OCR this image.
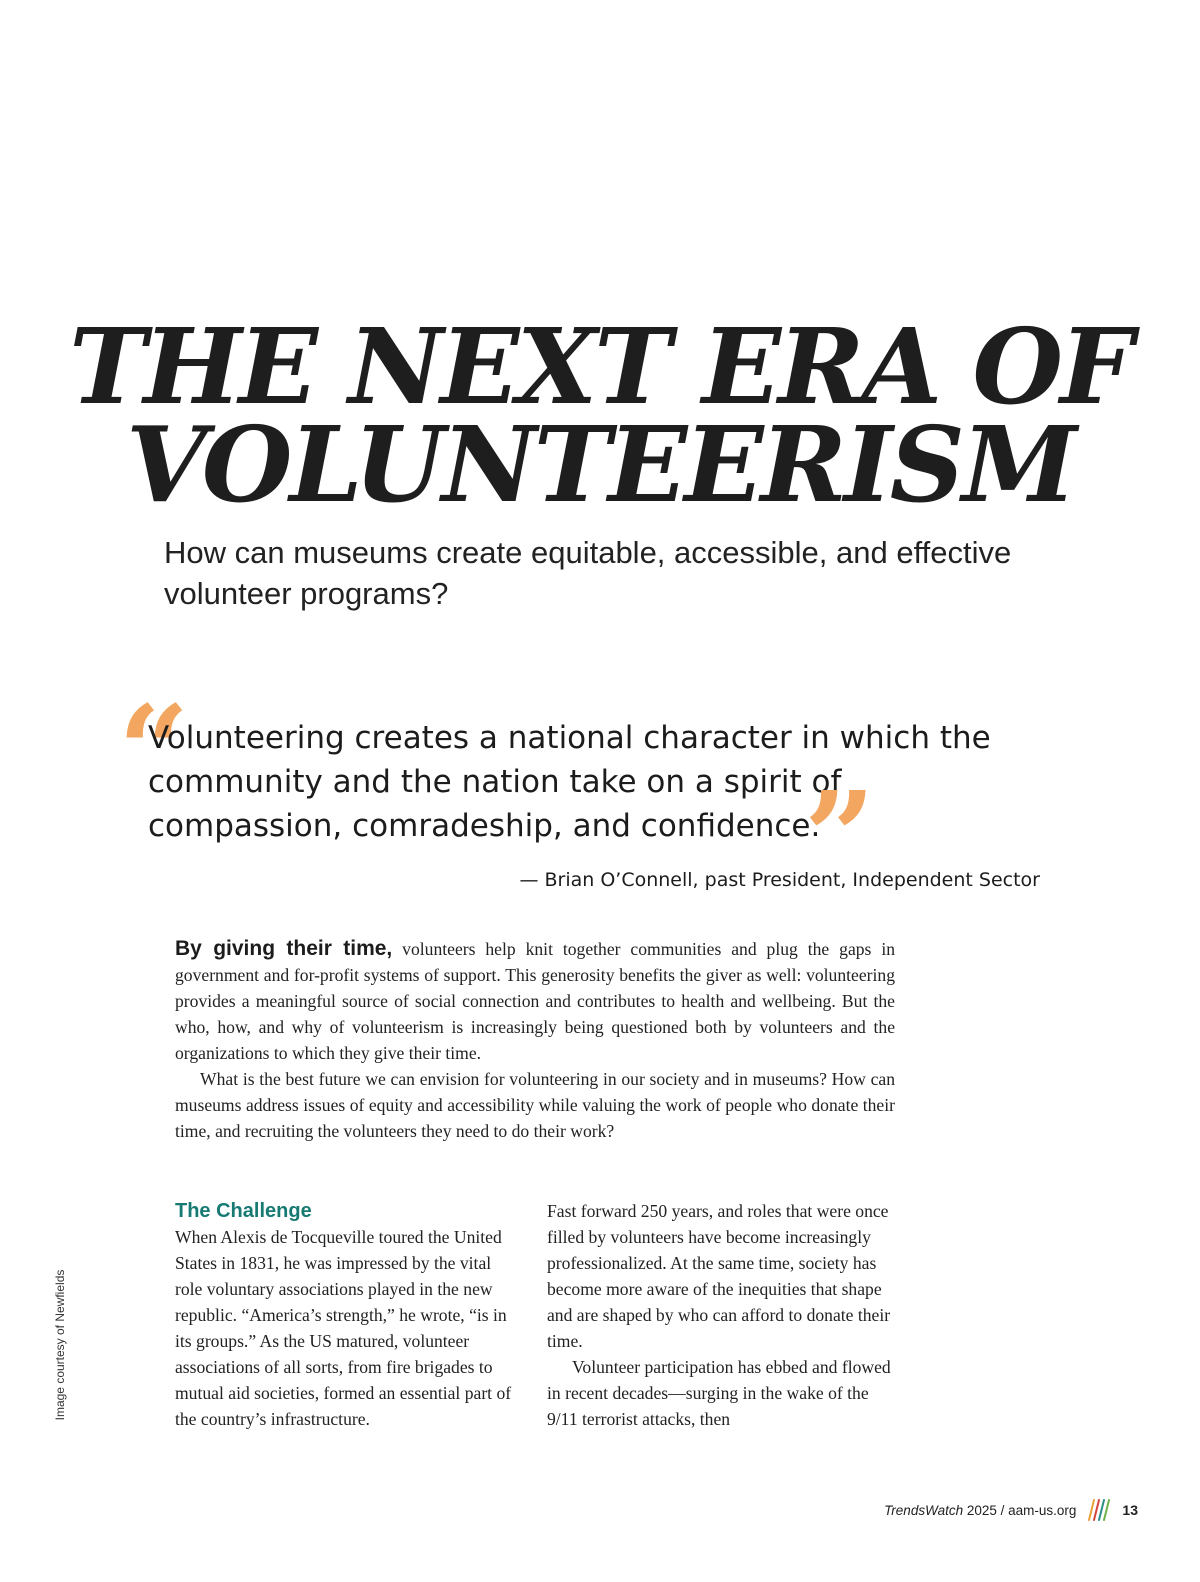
THE NEXT ERA OF
VOLUNTEERISM
How can museums create equitable, accessible, and effective volunteer programs?
“

Volunteering creates a national character in which the community and the nation take on a spirit of compassion, comradeship, and confidence.

”
— Brian O’Connell, past President, Independent Sector

By giving their time, volunteers help knit together communities and plug the gaps in government and for-profit systems of support. This generosity benefits the giver as well: volunteering provides a meaningful source of social connection and contributes to health and wellbeing. But the who, how, and why of volunteerism is increasingly being questioned both by volunteers and the organizations to which they give their time.

What is the best future we can envision for volunteering in our society and in museums? How can museums address issues of equity and accessibility while valuing the work of people who donate their time, and recruiting the volunteers they need to do their work?

The Challenge

When Alexis de Tocqueville toured the United States in 1831, he was impressed by the vital role voluntary associations played in the new republic. “America’s strength,” he wrote, “is in its groups.” As the US matured, volunteer associations of all sorts, from fire brigades to mutual aid societies, formed an essential part of the country’s infrastructure.

Fast forward 250 years, and roles that were once filled by volunteers have become increasingly professionalized. At the same time, society has become more aware of the inequities that shape and are shaped by who can afford to donate their time.

Volunteer participation has ebbed and flowed in recent decades—surging in the wake of the 9/11 terrorist attacks, then

Image courtesy of Newfields
TrendsWatch 2025 / aam-us.org	13
